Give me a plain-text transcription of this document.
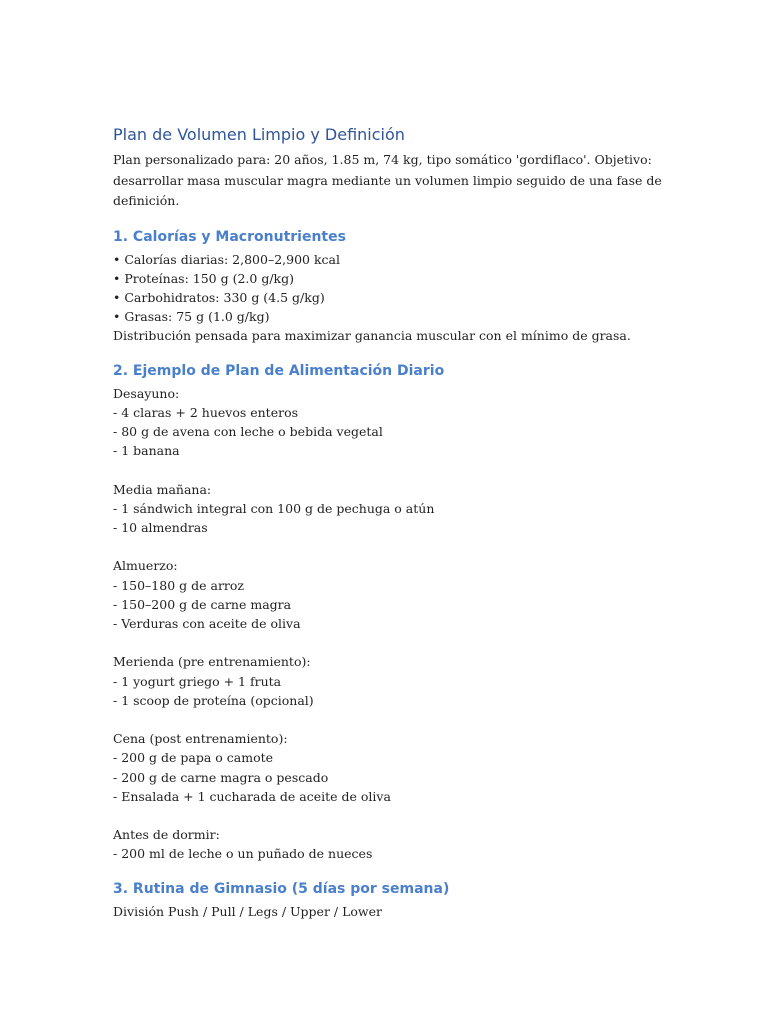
Plan de Volumen Limpio y Definición

Plan personalizado para: 20 años, 1.85 m, 74 kg, tipo somático 'gordiflaco'. Objetivo:

desarrollar masa muscular magra mediante un volumen limpio seguido de una fase de

definición.

1. Calorías y Macronutrientes

• Calorías diarias: 2,800–2,900 kcal

• Proteínas: 150 g (2.0 g/kg)

• Carbohidratos: 330 g (4.5 g/kg)

• Grasas: 75 g (1.0 g/kg)

Distribución pensada para maximizar ganancia muscular con el mínimo de grasa.

2. Ejemplo de Plan de Alimentación Diario

Desayuno:

- 4 claras + 2 huevos enteros

- 80 g de avena con leche o bebida vegetal

- 1 banana

Media mañana:

- 1 sándwich integral con 100 g de pechuga o atún

- 10 almendras

Almuerzo:

- 150–180 g de arroz

- 150–200 g de carne magra

- Verduras con aceite de oliva

Merienda (pre entrenamiento):

- 1 yogurt griego + 1 fruta

- 1 scoop de proteína (opcional)

Cena (post entrenamiento):

- 200 g de papa o camote

- 200 g de carne magra o pescado

- Ensalada + 1 cucharada de aceite de oliva

Antes de dormir:

- 200 ml de leche o un puñado de nueces

3. Rutina de Gimnasio (5 días por semana)

División Push / Pull / Legs / Upper / Lower
